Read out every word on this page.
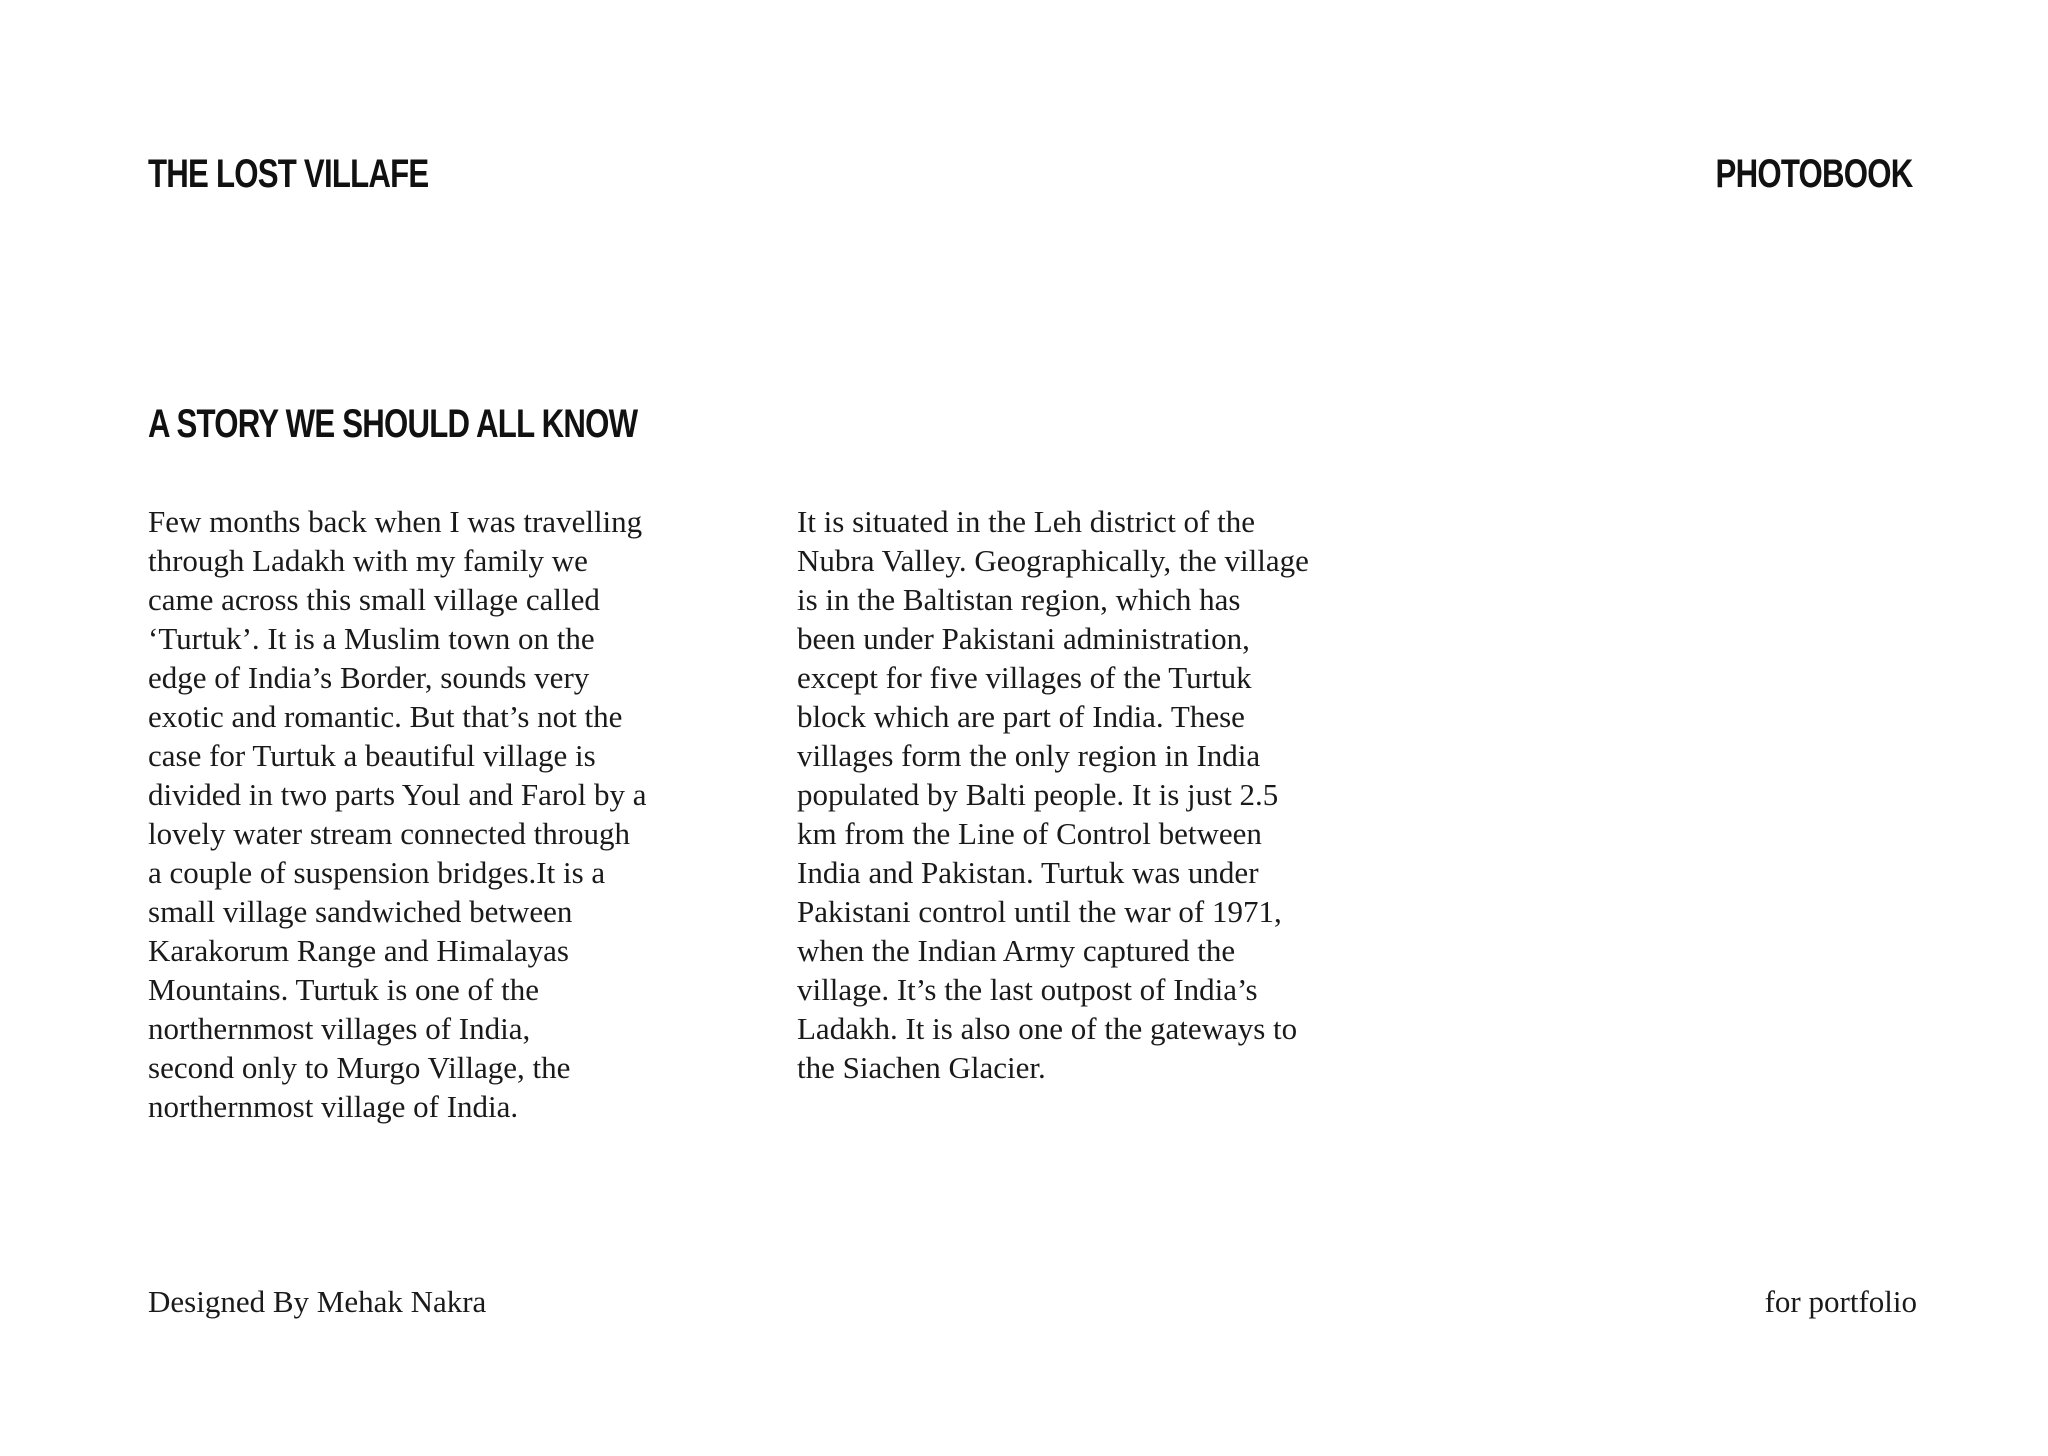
THE LOST VILLAFE	PHOTOBOOK
A STORY WE SHOULD ALL KNOW

Few months back when I was travelling
through Ladakh with my family we
came across this small village called
‘Turtuk’. It is a Muslim town on the
edge of India’s Border, sounds very
exotic and romantic. But that’s not the
case for Turtuk a beautiful village is
divided in two parts Youl and Farol by a
lovely water stream connected through
a couple of suspension bridges.It is a
small village sandwiched between
Karakorum Range and Himalayas
Mountains. Turtuk is one of the
northernmost villages of India,
second only to Murgo Village, the
northernmost village of India.

It is situated in the Leh district of the
Nubra Valley. Geographically, the village
is in the Baltistan region, which has
been under Pakistani administration,
except for five villages of the Turtuk
block which are part of India. These
villages form the only region in India
populated by Balti people. It is just 2.5
km from the Line of Control between
India and Pakistan. Turtuk was under
Pakistani control until the war of 1971,
when the Indian Army captured the
village. It’s the last outpost of India’s
Ladakh. It is also one of the gateways to
the Siachen Glacier.

Designed By Mehak Nakra	for portfolio
